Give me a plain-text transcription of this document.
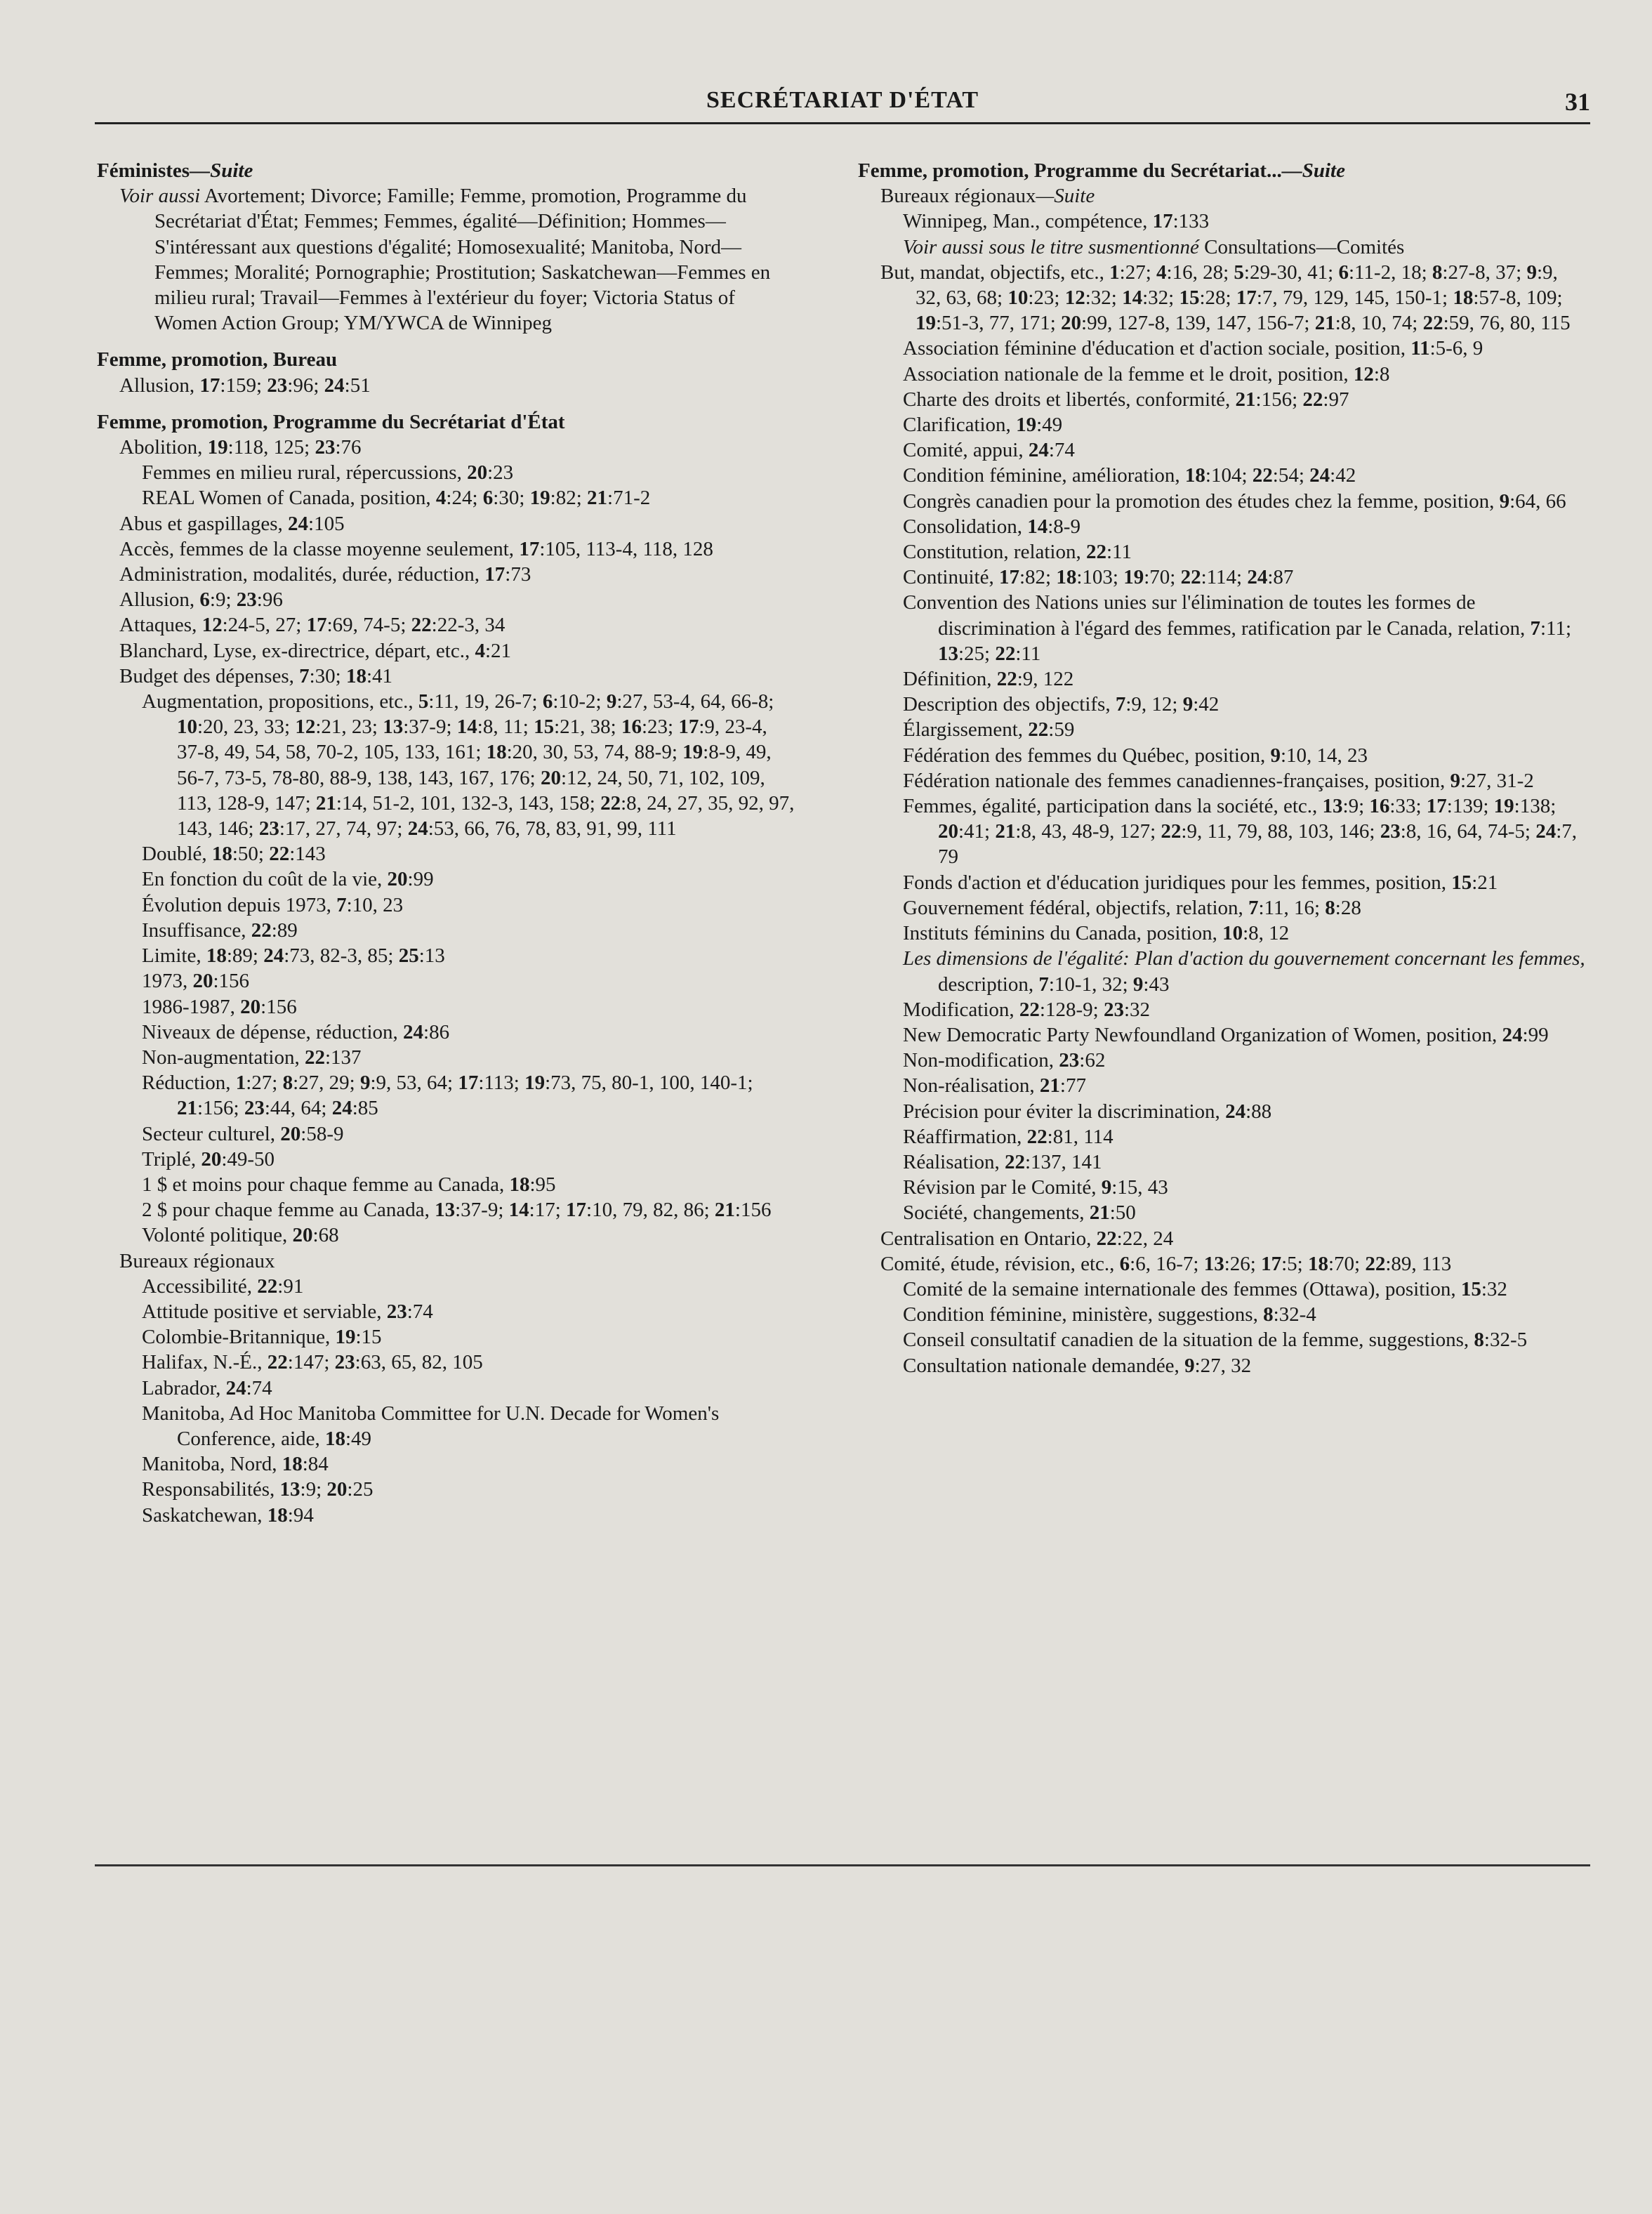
SECRÉTARIAT D'ÉTAT	31
Féministes—Suite
Voir aussi Avortement; Divorce; Famille; Femme, promotion, Programme du Secrétariat d'État; Femmes; Femmes, égalité—Définition; Hommes—S'intéressant aux questions d'égalité; Homosexualité; Manitoba, Nord—Femmes; Moralité; Pornographie; Prostitution; Saskatchewan—Femmes en milieu rural; Travail—Femmes à l'extérieur du foyer; Victoria Status of Women Action Group; YM/YWCA de Winnipeg
Femme, promotion, Bureau
Allusion, 17:159; 23:96; 24:51
Femme, promotion, Programme du Secrétariat d'État
Abolition, 19:118, 125; 23:76
Femmes en milieu rural, répercussions, 20:23
REAL Women of Canada, position, 4:24; 6:30; 19:82; 21:71-2
Abus et gaspillages, 24:105
Accès, femmes de la classe moyenne seulement, 17:105, 113-4, 118, 128
Administration, modalités, durée, réduction, 17:73
Allusion, 6:9; 23:96
Attaques, 12:24-5, 27; 17:69, 74-5; 22:22-3, 34
Blanchard, Lyse, ex-directrice, départ, etc., 4:21
Budget des dépenses, 7:30; 18:41
Augmentation, propositions, etc., 5:11, 19, 26-7; 6:10-2; 9:27, 53-4, 64, 66-8; 10:20, 23, 33; 12:21, 23; 13:37-9; 14:8, 11; 15:21, 38; 16:23; 17:9, 23-4, 37-8, 49, 54, 58, 70-2, 105, 133, 161; 18:20, 30, 53, 74, 88-9; 19:8-9, 49, 56-7, 73-5, 78-80, 88-9, 138, 143, 167, 176; 20:12, 24, 50, 71, 102, 109, 113, 128-9, 147; 21:14, 51-2, 101, 132-3, 143, 158; 22:8, 24, 27, 35, 92, 97, 143, 146; 23:17, 27, 74, 97; 24:53, 66, 76, 78, 83, 91, 99, 111
Doublé, 18:50; 22:143
En fonction du coût de la vie, 20:99
Évolution depuis 1973, 7:10, 23
Insuffisance, 22:89
Limite, 18:89; 24:73, 82-3, 85; 25:13
1973, 20:156
1986-1987, 20:156
Niveaux de dépense, réduction, 24:86
Non-augmentation, 22:137
Réduction, 1:27; 8:27, 29; 9:9, 53, 64; 17:113; 19:73, 75, 80-1, 100, 140-1; 21:156; 23:44, 64; 24:85
Secteur culturel, 20:58-9
Triplé, 20:49-50
1 $ et moins pour chaque femme au Canada, 18:95
2 $ pour chaque femme au Canada, 13:37-9; 14:17; 17:10, 79, 82, 86; 21:156
Volonté politique, 20:68
Bureaux régionaux
Accessibilité, 22:91
Attitude positive et serviable, 23:74
Colombie-Britannique, 19:15
Halifax, N.-É., 22:147; 23:63, 65, 82, 105
Labrador, 24:74
Manitoba, Ad Hoc Manitoba Committee for U.N. Decade for Women's Conference, aide, 18:49
Manitoba, Nord, 18:84
Responsabilités, 13:9; 20:25
Saskatchewan, 18:94
Femme, promotion, Programme du Secrétariat...—Suite
Bureaux régionaux—Suite
Winnipeg, Man., compétence, 17:133
Voir aussi sous le titre susmentionné Consultations—Comités
But, mandat, objectifs, etc., 1:27; 4:16, 28; 5:29-30, 41; 6:11-2, 18; 8:27-8, 37; 9:9, 32, 63, 68; 10:23; 12:32; 14:32; 15:28; 17:7, 79, 129, 145, 150-1; 18:57-8, 109; 19:51-3, 77, 171; 20:99, 127-8, 139, 147, 156-7; 21:8, 10, 74; 22:59, 76, 80, 115
Association féminine d'éducation et d'action sociale, position, 11:5-6, 9
Association nationale de la femme et le droit, position, 12:8
Charte des droits et libertés, conformité, 21:156; 22:97
Clarification, 19:49
Comité, appui, 24:74
Condition féminine, amélioration, 18:104; 22:54; 24:42
Congrès canadien pour la promotion des études chez la femme, position, 9:64, 66
Consolidation, 14:8-9
Constitution, relation, 22:11
Continuité, 17:82; 18:103; 19:70; 22:114; 24:87
Convention des Nations unies sur l'élimination de toutes les formes de discrimination à l'égard des femmes, ratification par le Canada, relation, 7:11; 13:25; 22:11
Définition, 22:9, 122
Description des objectifs, 7:9, 12; 9:42
Élargissement, 22:59
Fédération des femmes du Québec, position, 9:10, 14, 23
Fédération nationale des femmes canadiennes-françaises, position, 9:27, 31-2
Femmes, égalité, participation dans la société, etc., 13:9; 16:33; 17:139; 19:138; 20:41; 21:8, 43, 48-9, 127; 22:9, 11, 79, 88, 103, 146; 23:8, 16, 64, 74-5; 24:7, 79
Fonds d'action et d'éducation juridiques pour les femmes, position, 15:21
Gouvernement fédéral, objectifs, relation, 7:11, 16; 8:28
Instituts féminins du Canada, position, 10:8, 12
Les dimensions de l'égalité: Plan d'action du gouvernement concernant les femmes, description, 7:10-1, 32; 9:43
Modification, 22:128-9; 23:32
New Democratic Party Newfoundland Organization of Women, position, 24:99
Non-modification, 23:62
Non-réalisation, 21:77
Précision pour éviter la discrimination, 24:88
Réaffirmation, 22:81, 114
Réalisation, 22:137, 141
Révision par le Comité, 9:15, 43
Société, changements, 21:50
Centralisation en Ontario, 22:22, 24
Comité, étude, révision, etc., 6:6, 16-7; 13:26; 17:5; 18:70; 22:89, 113
Comité de la semaine internationale des femmes (Ottawa), position, 15:32
Condition féminine, ministère, suggestions, 8:32-4
Conseil consultatif canadien de la situation de la femme, suggestions, 8:32-5
Consultation nationale demandée, 9:27, 32
